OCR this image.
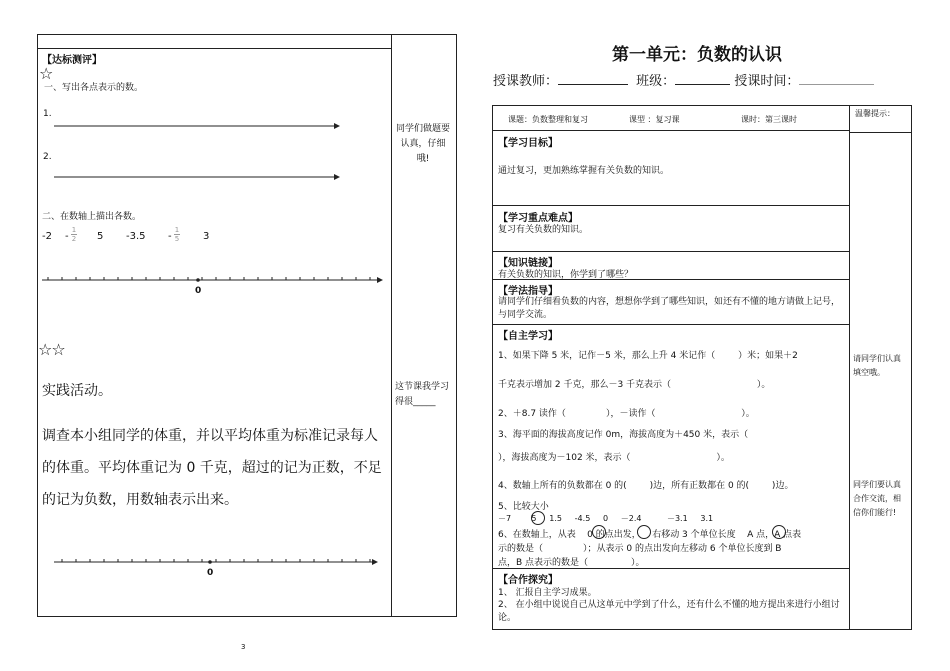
【达标测评】
☆
一、写出各点表示的数。
1.
2.
二、在数轴上描出各数。
-2 -
1
2 5 -3.5 -
1
5 3
0
☆☆
实践活动。
调查本小组同学的体重，并以平均体重为标准记录每人的体重。平均体重记为 0 千克，超过的记为正数，不足的记为负数，用数轴表示出来。
0
同学们做题要认真，仔细哦!
这节课我学习得很_____
3
第一单元：负数的认识
授课教师：	班级：	授课时间：
课题：负数整理和复习	课型 ：复习课	课时：第三课时
温馨提示：
【学习目标】
通过复习，更加熟练掌握有关负数的知识。
【学习重点难点】
复习有关负数的知识。
【知识链接】
有关负数的知识，你学到了哪些？
【学法指导】
请同学们仔细看负数的内容，想想你学到了哪些知识，如还有不懂的地方请做上记号，与同学交流。
【自主学习】
1、如果下降 5 米，记作－5 米，那么上升 4 米记作（        ）米；如果＋2
千克表示增加 2 千克，那么－3 千克表示（                              ）。
2、＋8.7 读作（              ），－读作（                              ）。
3、海平面的海拔高度记作 0m，海拔高度为＋450 米，表示（
），海拔高度为－102 米，表示（                              ）。
4、数轴上所有的负数都在 0 的(        )边，所有正数都在 0 的(        )边。
5、比较大小
－7        5     1.5     -4.5     0     －2.4          －3.1     3.1
6、在数轴上，从表    0 的点出发，    右移动 3 个单位长度    A 点，A 点表
示的数是（              ）；从表示 0 的点出发向左移动 6 个单位长度到 B
点，B 点表示的数是（               ）。
【合作探究】
1、 汇报自主学习成果。
2、 在小组中说说自己从这单元中学到了什么，还有什么不懂的地方提出来进行小组讨论。
请同学们认真填空哦。
同学们要认真合作交流，相信你们能行!
